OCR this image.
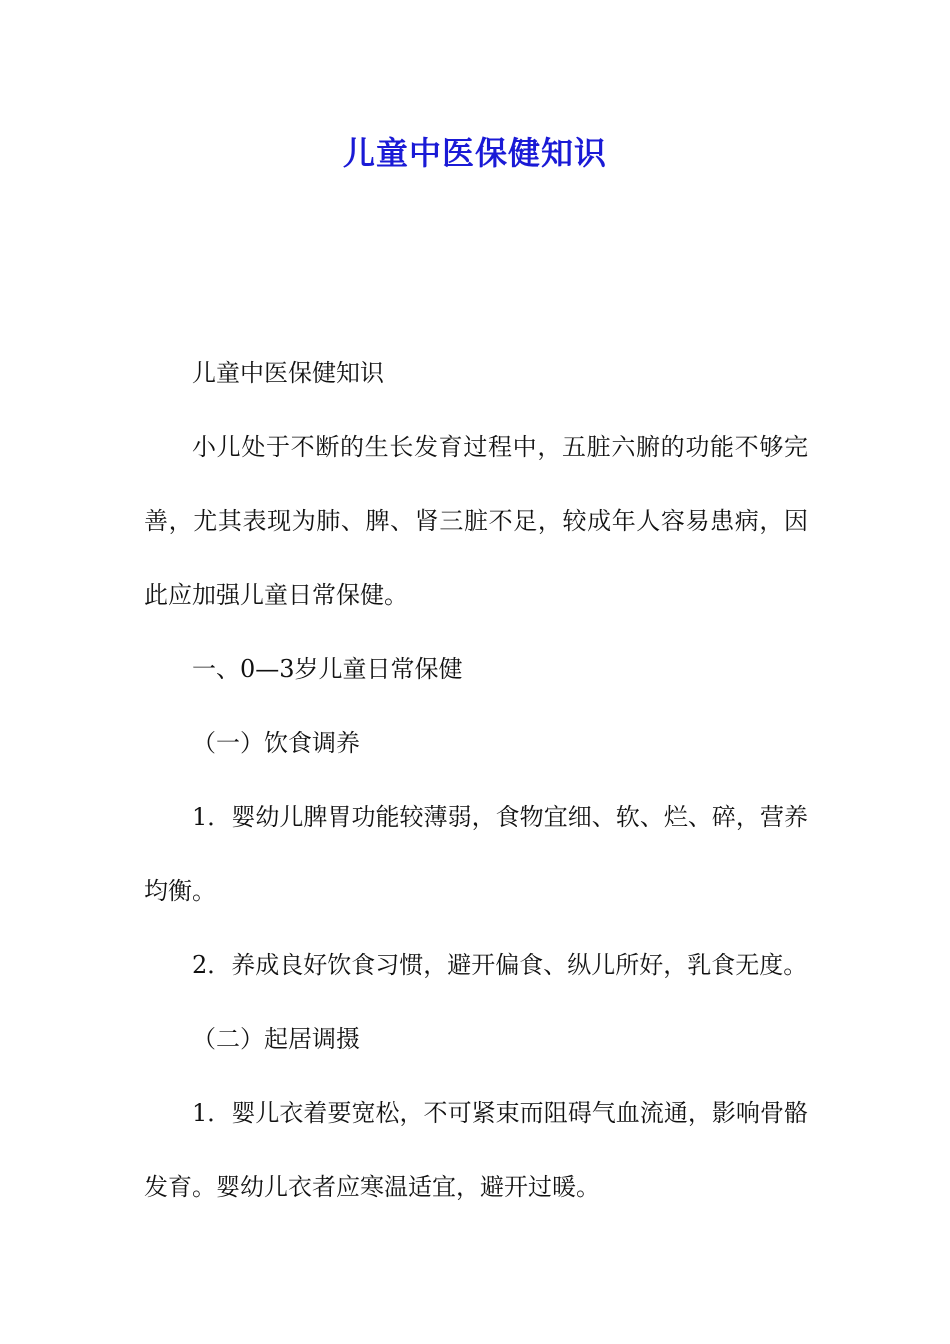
儿童中医保健知识

儿童中医保健知识

小儿处于不断的生长发育过程中，五脏六腑的功能不够完善，尤其表现为肺、脾、肾三脏不足，较成年人容易患病，因此应加强儿童日常保健。

一、0—3岁儿童日常保健

（一）饮食调养

1．婴幼儿脾胃功能较薄弱，食物宜细、软、烂、碎，营养均衡。

2．养成良好饮食习惯，避开偏食、纵儿所好，乳食无度。

（二）起居调摄

1．婴儿衣着要宽松，不可紧束而阻碍气血流通，影响骨骼发育。婴幼儿衣者应寒温适宜，避开过暖。
